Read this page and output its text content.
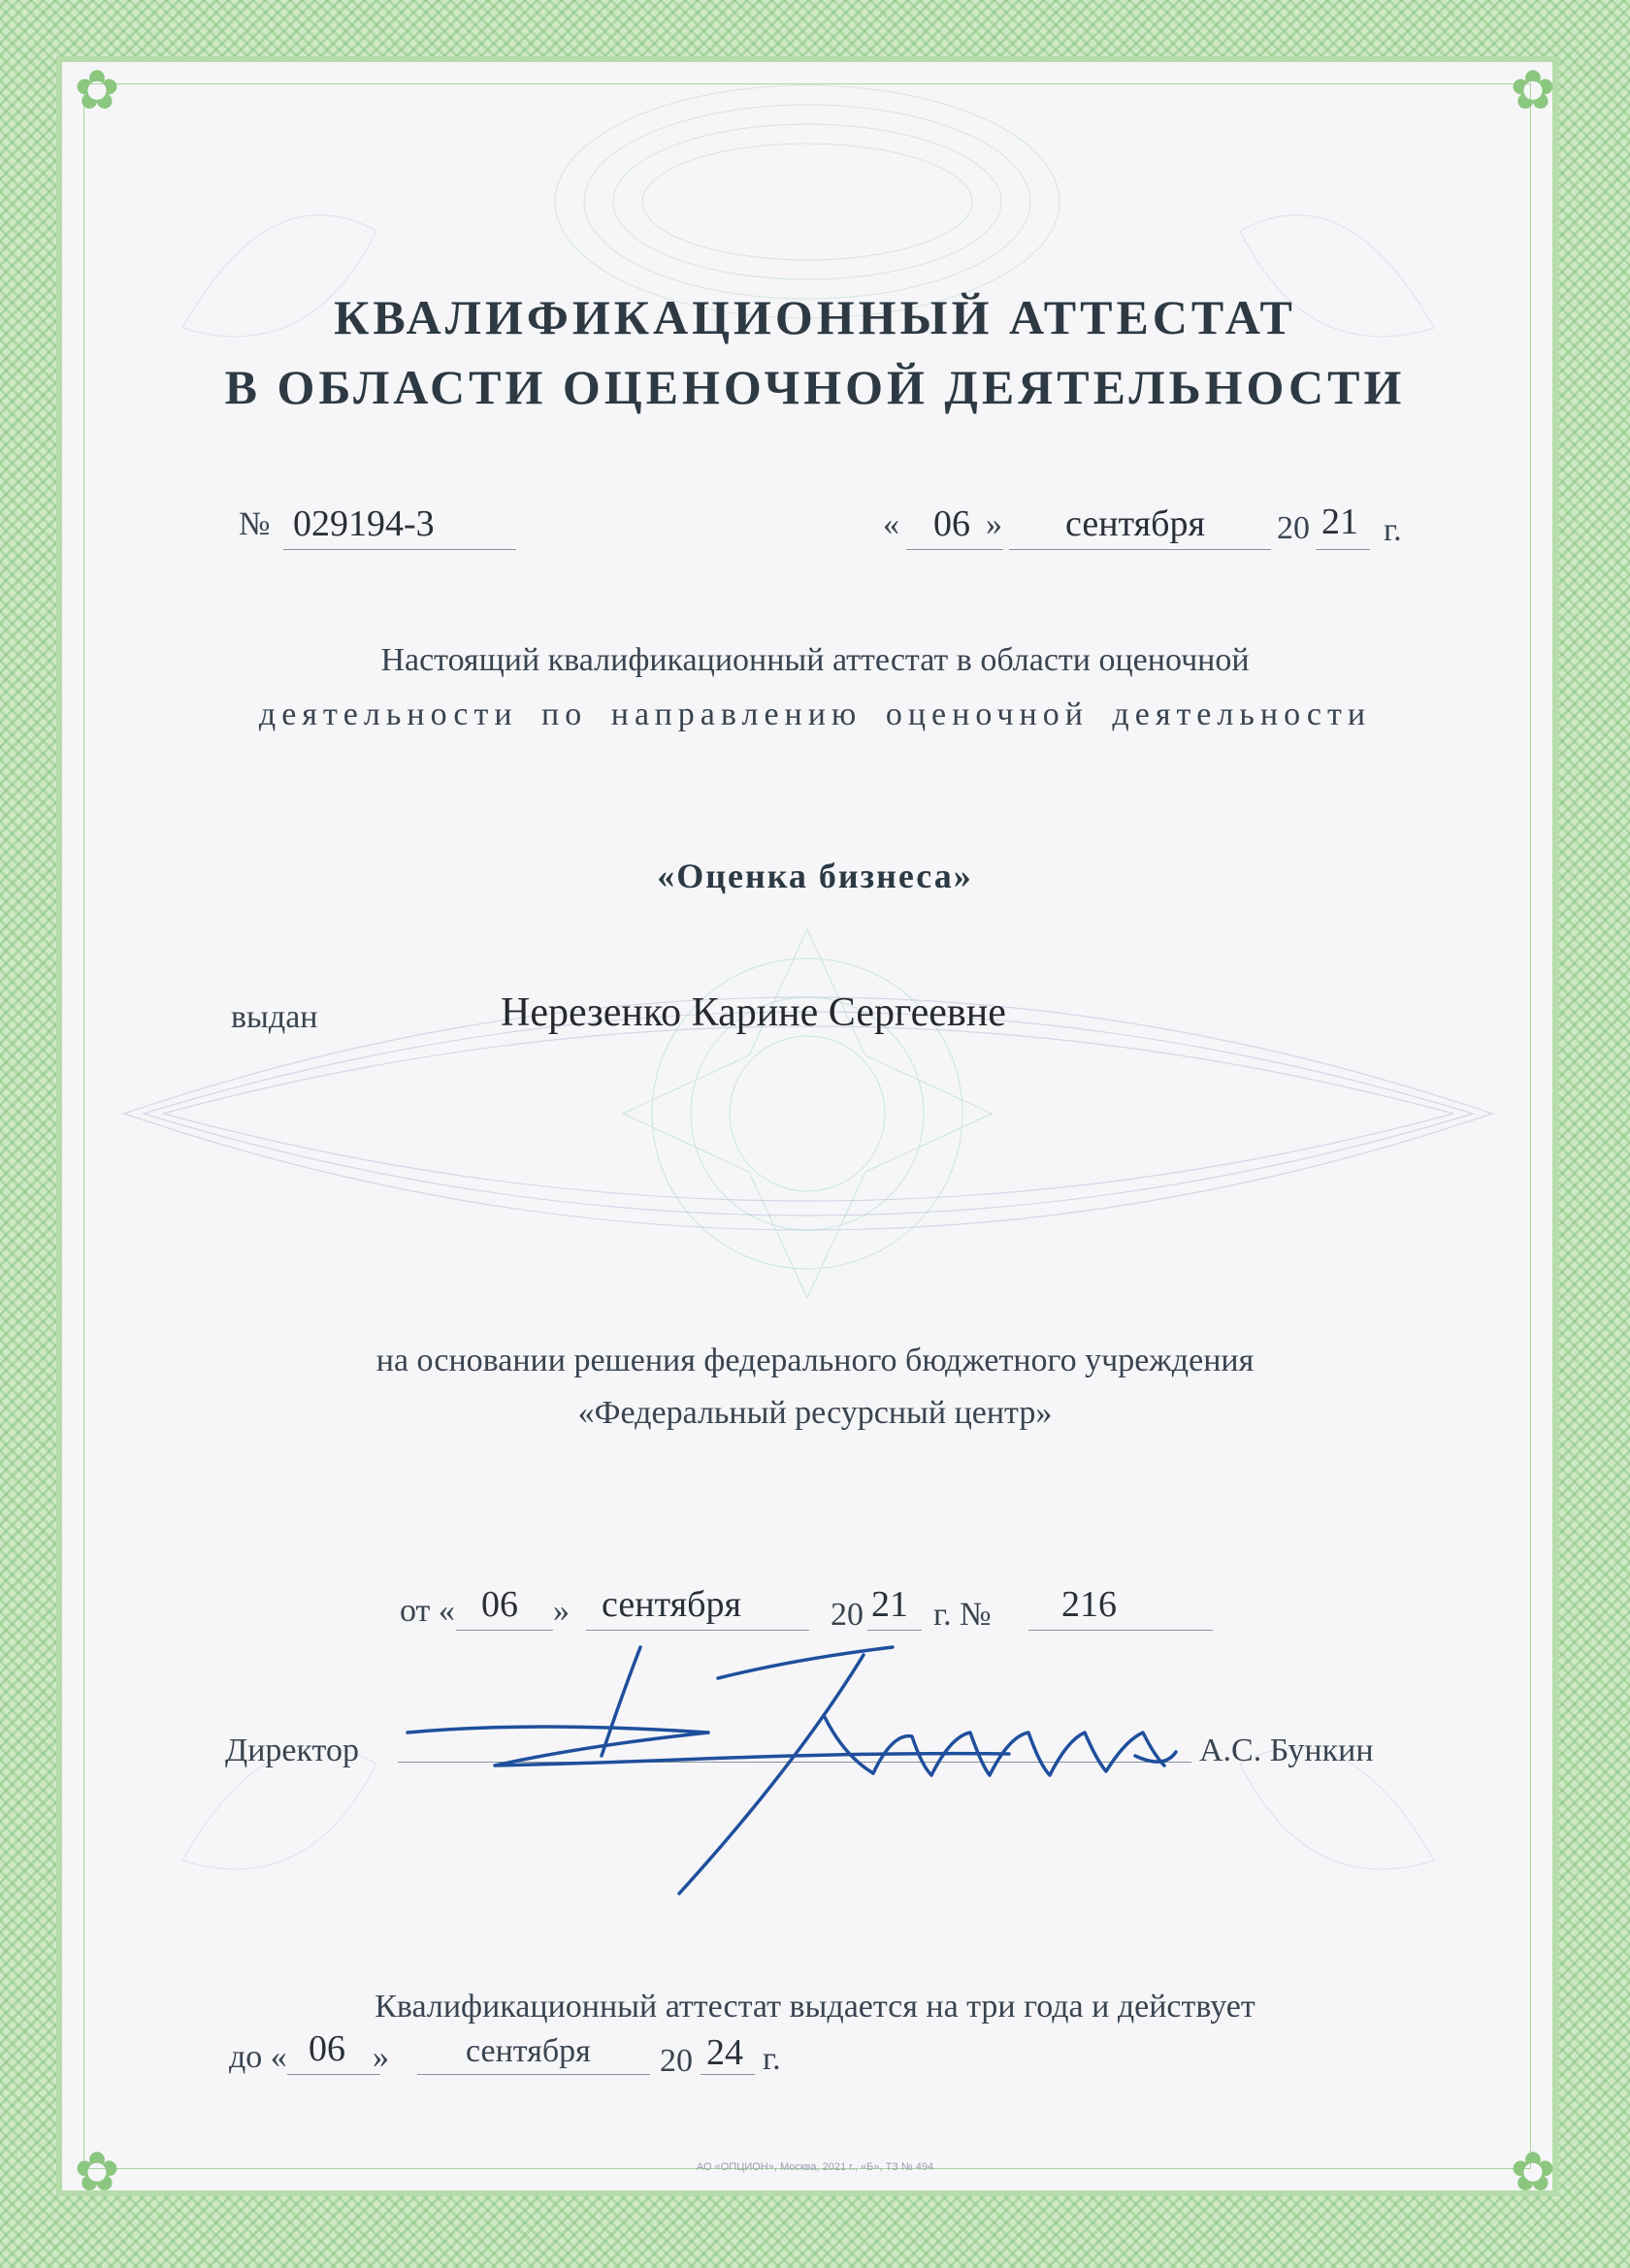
✿	✿
✿	✿
КВАЛИФИКАЦИОННЫЙ АТТЕСТАТ
В ОБЛАСТИ ОЦЕНОЧНОЙ ДЕЯТЕЛЬНОСТИ
№ 029194-3	« 06 » сентября 20 21 г.
Настоящий квалификационный аттестат в области оценочной
деятельности по направлению оценочной деятельности
«Оценка бизнеса»
выдан	Нерезенко Карине Сергеевне
на основании решения федерального бюджетного учреждения
«Федеральный ресурсный центр»
от « 06 » сентября	20 21 г. № 216
Директор	А.С. Бункин
Квалификационный аттестат выдается на три года и действует
до « 06 » сентября 20 24 г.
АО «ОПЦИОН», Москва, 2021 г., «Б», ТЗ № 494
